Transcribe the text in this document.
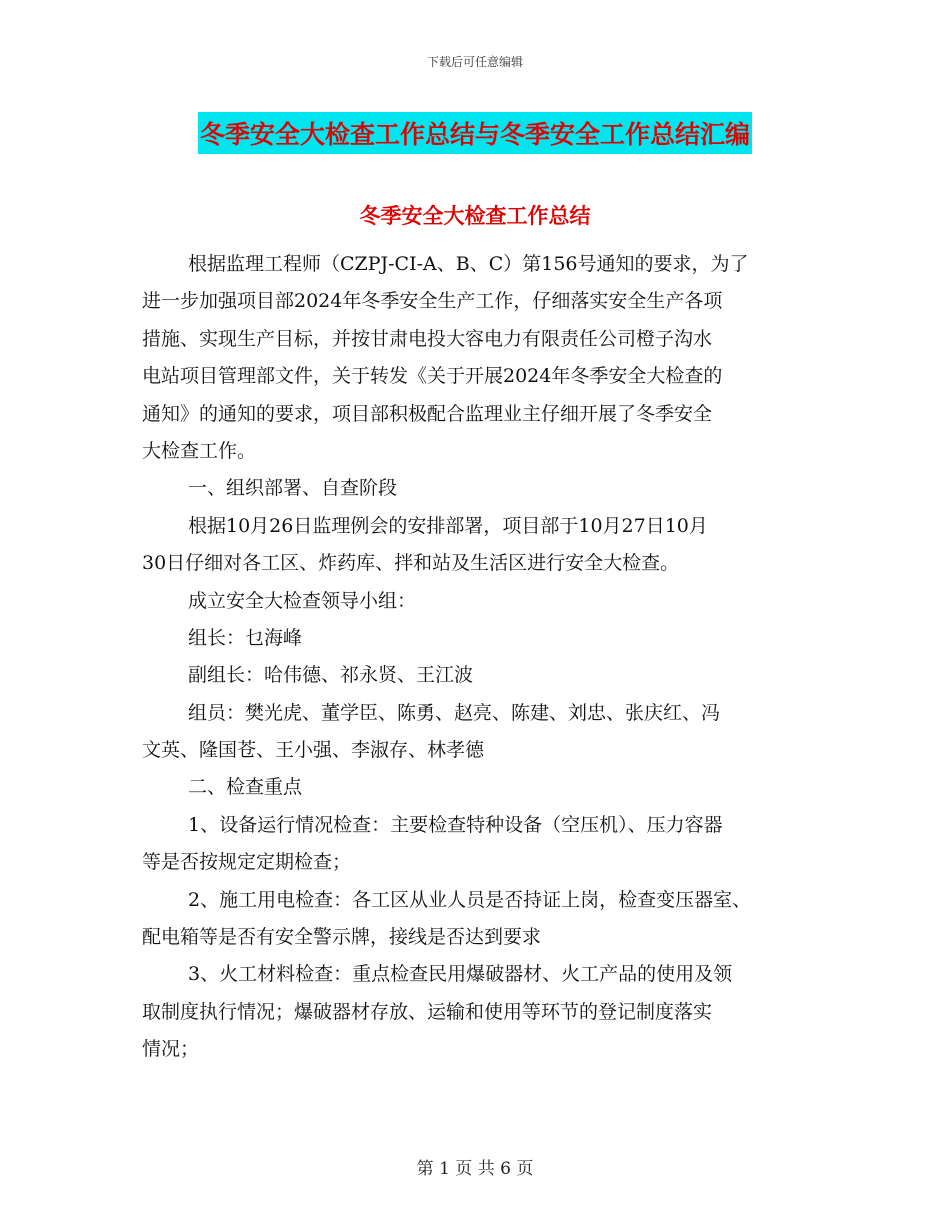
下载后可任意编辑
冬季安全大检查工作总结与冬季安全工作总结汇编
冬季安全大检查工作总结
根据监理工程师（CZPJ-CI-A、B、C）第156号通知的要求，为了
进一步加强项目部2024年冬季安全生产工作，仔细落实安全生产各项
措施、实现生产目标，并按甘肃电投大容电力有限责任公司橙子沟水
电站项目管理部文件，关于转发《关于开展2024年冬季安全大检查的
通知》的通知的要求，项目部积极配合监理业主仔细开展了冬季安全
大检查工作。
一、组织部署、自查阶段
根据10月26日监理例会的安排部署，项目部于10月27日10月
30日仔细对各工区、炸药库、拌和站及生活区进行安全大检查。
成立安全大检查领导小组：
组长：乜海峰
副组长：哈伟德、祁永贤、王江波
组员：樊光虎、董学臣、陈勇、赵亮、陈建、刘忠、张庆红、冯
文英、隆国苍、王小强、李淑存、林孝德
二、检查重点
1、设备运行情况检查：主要检查特种设备（空压机）、压力容器
等是否按规定定期检查；
2、施工用电检查：各工区从业人员是否持证上岗，检查变压器室、
配电箱等是否有安全警示牌，接线是否达到要求
3、火工材料检查：重点检查民用爆破器材、火工产品的使用及领
取制度执行情况；爆破器材存放、运输和使用等环节的登记制度落实
情况；
第 1 页 共 6 页
